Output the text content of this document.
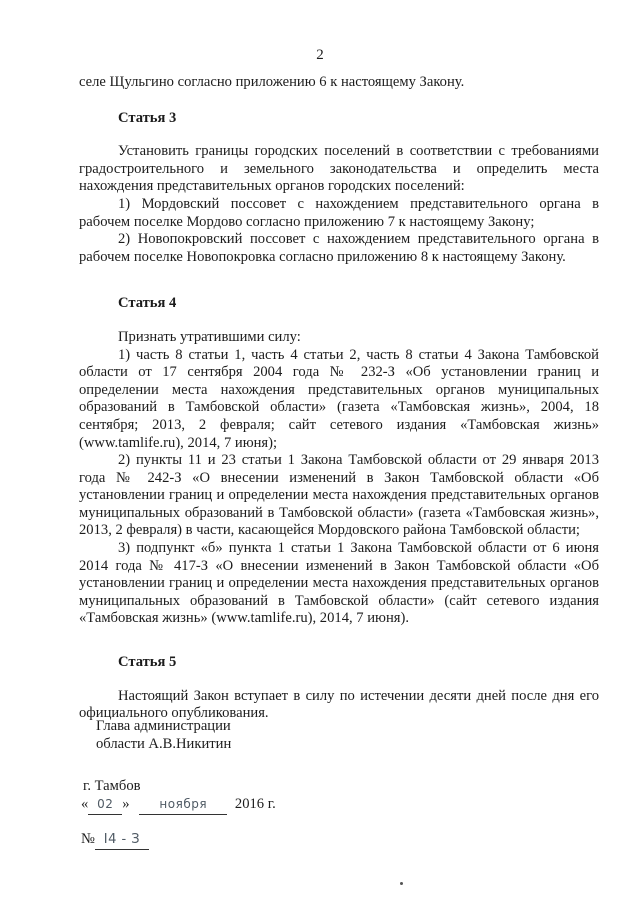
2

селе Щульгино согласно приложению 6 к настоящему Закону.

Статья 3

Установить границы городских поселений в соответствии с требованиями градостроительного и земельного законодательства и определить места нахождения представительных органов городских поселений:

1) Мордовский поссовет с нахождением представительного органа в рабочем поселке Мордово согласно приложению 7 к настоящему Закону;

2) Новопокровский поссовет с нахождением представительного органа в рабочем поселке Новопокровка согласно приложению 8 к настоящему Закону.

Статья 4

Признать утратившими силу:

1) часть 8 статьи 1, часть 4 статьи 2, часть 8 статьи 4 Закона Тамбовской области от 17 сентября 2004 года № 232-З «Об установлении границ и определении места нахождения представительных органов муниципальных образований в Тамбовской области» (газета «Тамбовская жизнь», 2004, 18 сентября; 2013, 2 февраля; сайт сетевого издания «Тамбовская жизнь» (www.tamlife.ru), 2014, 7 июня);

2) пункты 11 и 23 статьи 1 Закона Тамбовской области от 29 января 2013 года № 242-З «О внесении изменений в Закон Тамбовской области «Об установлении границ и определении места нахождения представительных органов муниципальных образований в Тамбовской области» (газета «Тамбовская жизнь», 2013, 2 февраля) в части, касающейся Мордовского района Тамбовской области;

3) подпункт «б» пункта 1 статьи 1 Закона Тамбовской области от 6 июня 2014 года № 417-З «О внесении изменений в Закон Тамбовской области «Об установлении границ и определении места нахождения представительных органов муниципальных образований в Тамбовской области» (сайт сетевого издания «Тамбовская жизнь» (www.tamlife.ru), 2014, 7 июня).

Статья 5

Настоящий Закон вступает в силу по истечении десяти дней после дня его официального опубликования.

Глава администрации
области А.В.Никитин
г. Тамбов
« 02 » ноября 2016 г.
№ I4 - З
